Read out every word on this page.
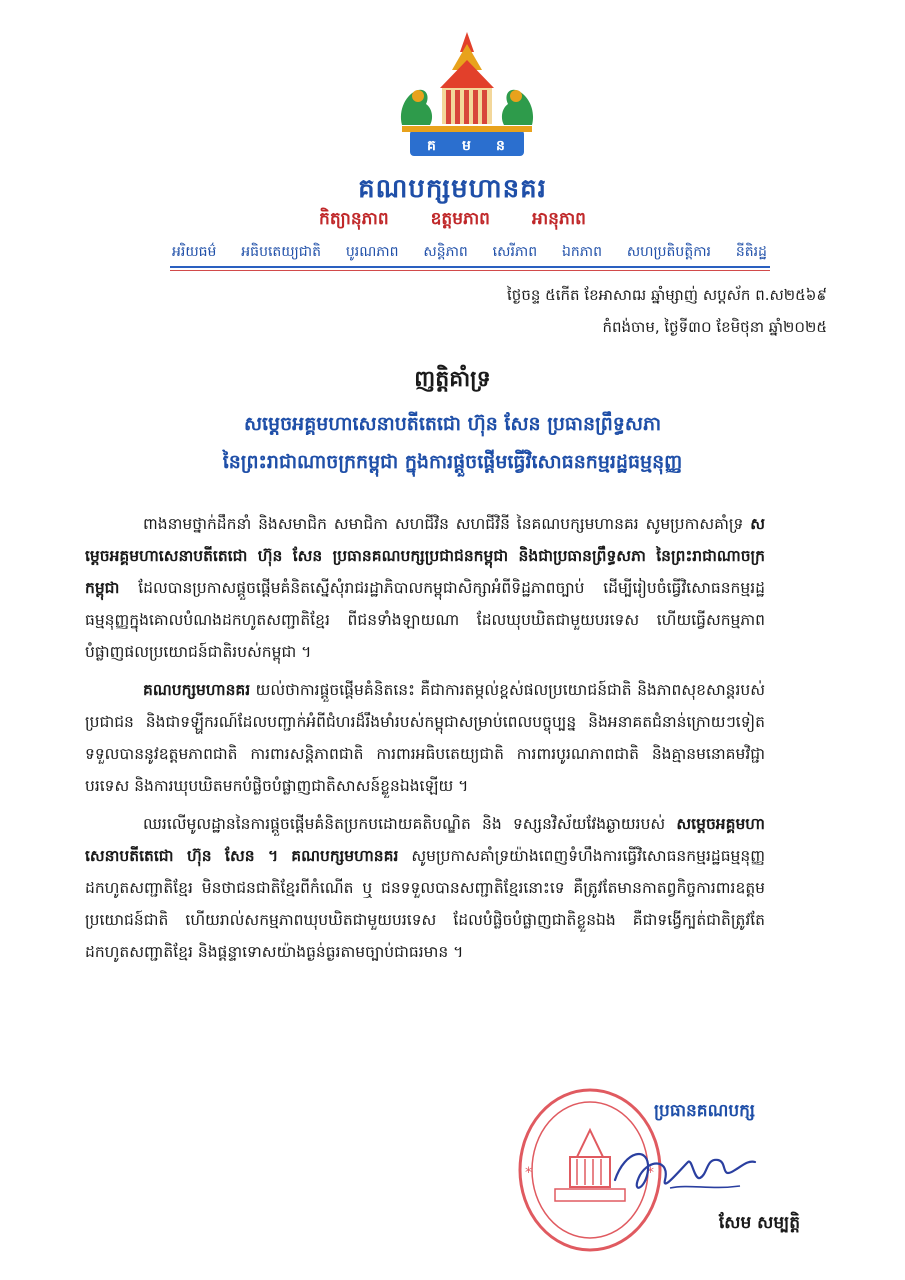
គ ម ន
គណបក្សមហានគរ
កិត្យានុភាព ឧត្តមភាព អានុភាព
អរិយធម៌ អធិបតេយ្យជាតិ បូរណភាព សន្តិភាព សេរីភាព ឯកភាព សហប្រតិបត្តិការ នីតិរដ្ឋ
ថ្ងៃចន្ទ ៥កើត ខែអាសាឍ ឆ្នាំម្សាញ់ សប្តស័ក ព.ស២៥៦៩
កំពង់ចាម, ថ្ងៃទី៣០ ខែមិថុនា ឆ្នាំ២០២៥
ញត្តិគាំទ្រ
សម្តេចអគ្គមហាសេនាបតីតេជោ ហ៊ុន សែន ប្រធានព្រឹទ្ធសភា
នៃព្រះរាជាណាចក្រកម្ពុជា ក្នុងការផ្តួចផ្តើមធ្វើវិសោធនកម្មរដ្ឋធម្មនុញ្ញ

ពាងនាមថ្នាក់ដឹកនាំ និងសមាជិក សមាជិកា សហជីវិន សហជីវិនី នៃគណបក្សមហានគរ សូមប្រកាសគាំទ្រ សម្តេចអគ្គមហាសេនាបតីតេជោ ហ៊ុន សែន ប្រធានគណបក្សប្រជាជនកម្ពុជា និងជាប្រធានព្រឹទ្ធសភា នៃព្រះរាជាណាចក្រកម្ពុជា ដែលបានប្រកាសផ្តួចផ្តើមគំនិតស្នើសុំរាជរដ្ឋាភិបាលកម្ពុជាសិក្សាអំពីទិដ្ឋភាពច្បាប់ ដើម្បីរៀបចំធ្វើវិសោធនកម្មរដ្ឋធម្មនុញ្ញក្នុងគោលបំណងដកហូតសញ្ជាតិខ្មែរ ពីជនទាំងឡាយណា ដែលឃុបឃិតជាមួយបរទេស ហើយធ្វើសកម្មភាពបំផ្លាញផលប្រយោជន៍ជាតិរបស់កម្ពុជា ។

គណបក្សមហានគរ យល់ថាការផ្តួចផ្តើមគំនិតនេះ គឺជាការតម្កល់ខ្ពស់ផលប្រយោជន៍ជាតិ និងភាពសុខសាន្តរបស់ប្រជាជន និងជាទឡ្ហីករណ៍ដែលបញ្ជាក់អំពីជំហរដ៏រឹងមាំរបស់កម្ពុជាសម្រាប់ពេលបច្ចុប្បន្ន និងអនាគតជំនាន់ក្រោយៗទៀតទទួលបាននូវឧត្តមភាពជាតិ ការពារសន្តិភាពជាតិ ការពារអធិបតេយ្យជាតិ ការពារបូរណភាពជាតិ និងគ្មានមនោគមវិជ្ជាបរទេស និងការឃុបឃិតមកបំផ្លិចបំផ្លាញជាតិសាសន៍ខ្លួនឯងឡើយ ។

ឈរលើមូលដ្ឋាននៃការផ្តួចផ្តើមគំនិតប្រកបដោយគតិបណ្ឌិត និង ទស្សនវិស័យវែងឆ្ងាយរបស់ សម្តេចអគ្គមហាសេនាបតីតេជោ ហ៊ុន សែន ។ គណបក្សមហានគរ សូមប្រកាសគាំទ្រយ៉ាងពេញទំហឹងការធ្វើវិសោធនកម្មរដ្ឋធម្មនុញ្ញ ដកហូតសញ្ជាតិខ្មែរ មិនថាជនជាតិខ្មែរពីកំណើត ឬ ជនទទួលបានសញ្ជាតិខ្មែរនោះទេ គឺត្រូវតែមានកាតព្វកិច្ចការពារឧត្តមប្រយោជន៍ជាតិ ហើយរាល់សកម្មភាពឃុបឃិតជាមួយបរទេស ដែលបំផ្លិចបំផ្លាញជាតិខ្លួនឯង គឺជាទង្វើក្បត់ជាតិត្រូវតែដកហូតសញ្ជាតិខ្មែរ និងផ្តន្ទាទោសយ៉ាងធ្ងន់ធ្ងរតាមច្បាប់ជាធរមាន ។

*	*
ប្រធានគណបក្ស
សែម សម្បត្តិ
